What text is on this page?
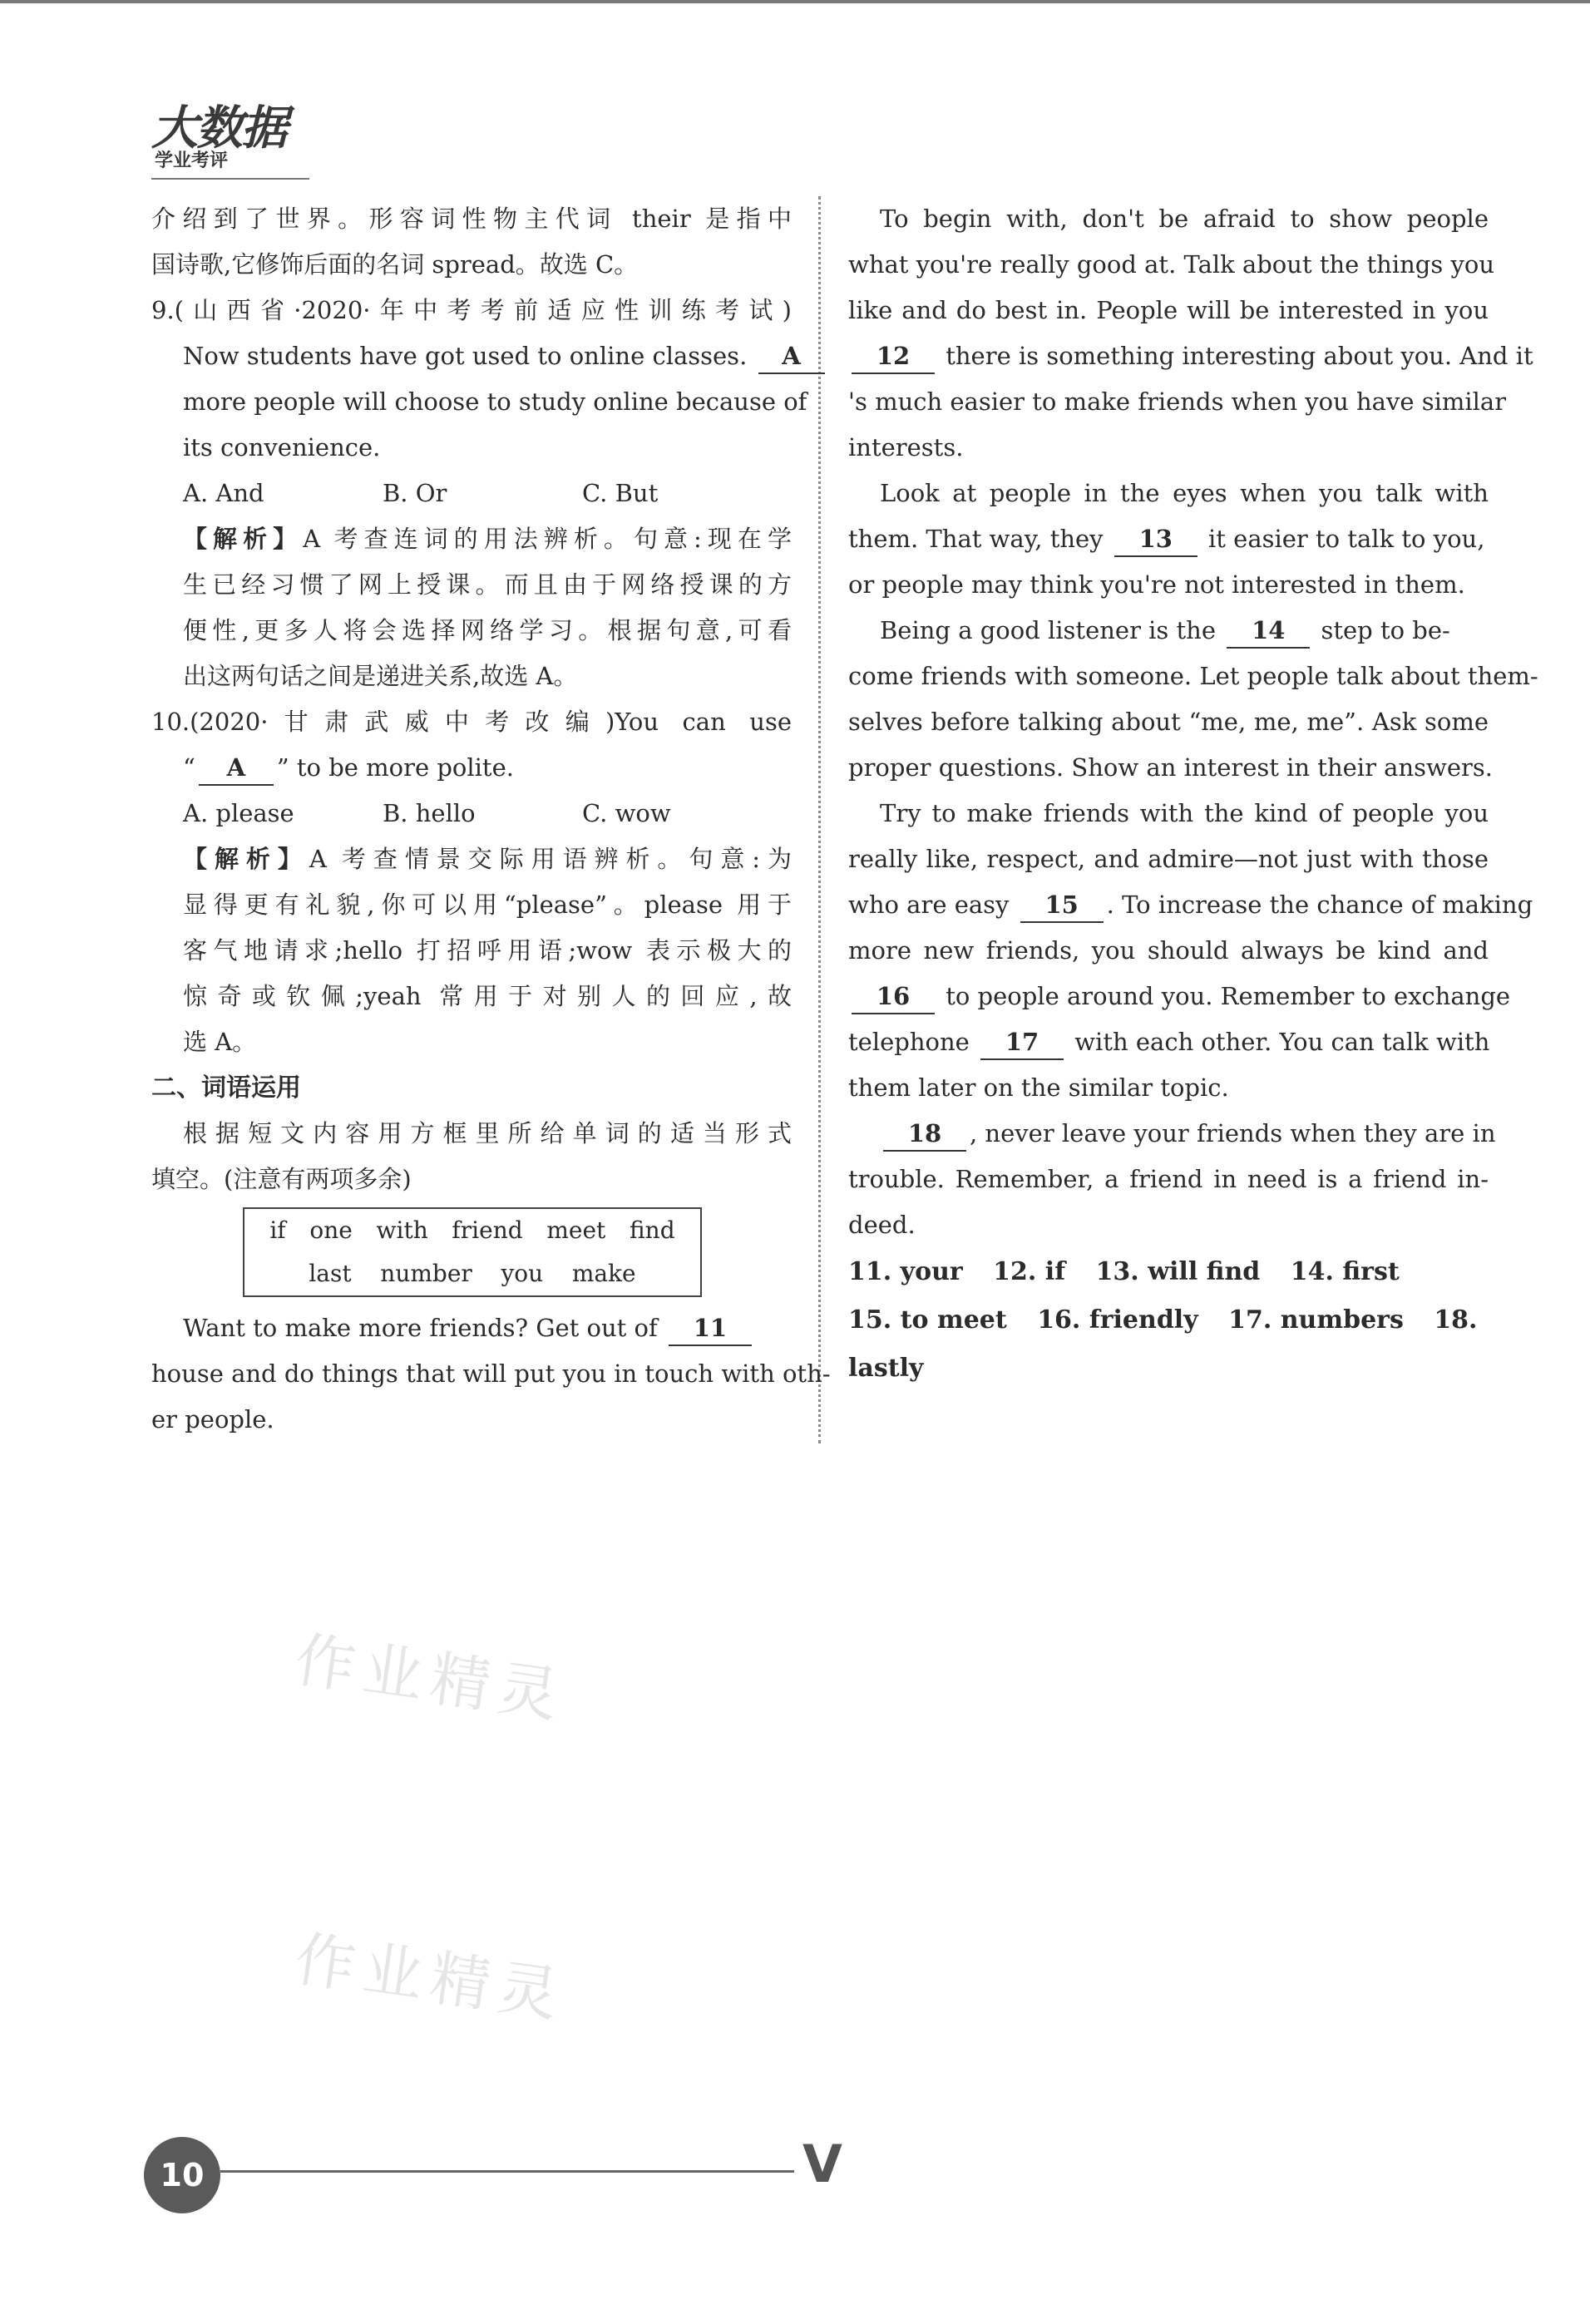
大数据
学业考评
介绍到了世界。形容词性物主代词 their 是指中
国诗歌,它修饰后面的名词 spread。故选 C。
9.(山西省·2020·年中考考前适应性训练考试)
Now students have got used to online classes. A
more people will choose to study online because of
its convenience.
A. And	B. Or	C. But
【解析】A 考查连词的用法辨析。句意:现在学
生已经习惯了网上授课。而且由于网络授课的方
便性,更多人将会选择网络学习。根据句意,可看
出这两句话之间是递进关系,故选 A。
10.(2020·甘肃武威中考改编)You can use
“ A ” to be more polite.
A. please	B. hello	C. wow
【解析】A 考查情景交际用语辨析。句意:为
显得更有礼貌,你可以用“please”。please 用于
客气地请求;hello 打招呼用语;wow 表示极大的
惊奇或钦佩;yeah 常用于对别人的回应,故
选 A。
二、词语运用
根据短文内容用方框里所给单词的适当形式
填空。(注意有两项多余)
if one with friend meet find
last number you make
Want to make more friends? Get out of 11
house and do things that will put you in touch with oth-
er people.
To begin with, don't be afraid to show people
what you're really good at. Talk about the things you
like and do best in. People will be interested in you
12 there is something interesting about you. And it
's much easier to make friends when you have similar
interests.
Look at people in the eyes when you talk with
them. That way, they 13 it easier to talk to you,
or people may think you're not interested in them.
Being a good listener is the 14 step to be-
come friends with someone. Let people talk about them-
selves before talking about “me, me, me”. Ask some
proper questions. Show an interest in their answers.
Try to make friends with the kind of people you
really like, respect, and admire—not just with those
who are easy 15 . To increase the chance of making
more new friends, you should always be kind and
16 to people around you. Remember to exchange
telephone 17 with each other. You can talk with
them later on the similar topic.
18 , never leave your friends when they are in
trouble. Remember, a friend in need is a friend in-
deed.
11. your 12. if 13. will find 14. first
15. to meet 16. friendly 17. numbers 18. lastly
作业精灵
作业精灵
10	V
